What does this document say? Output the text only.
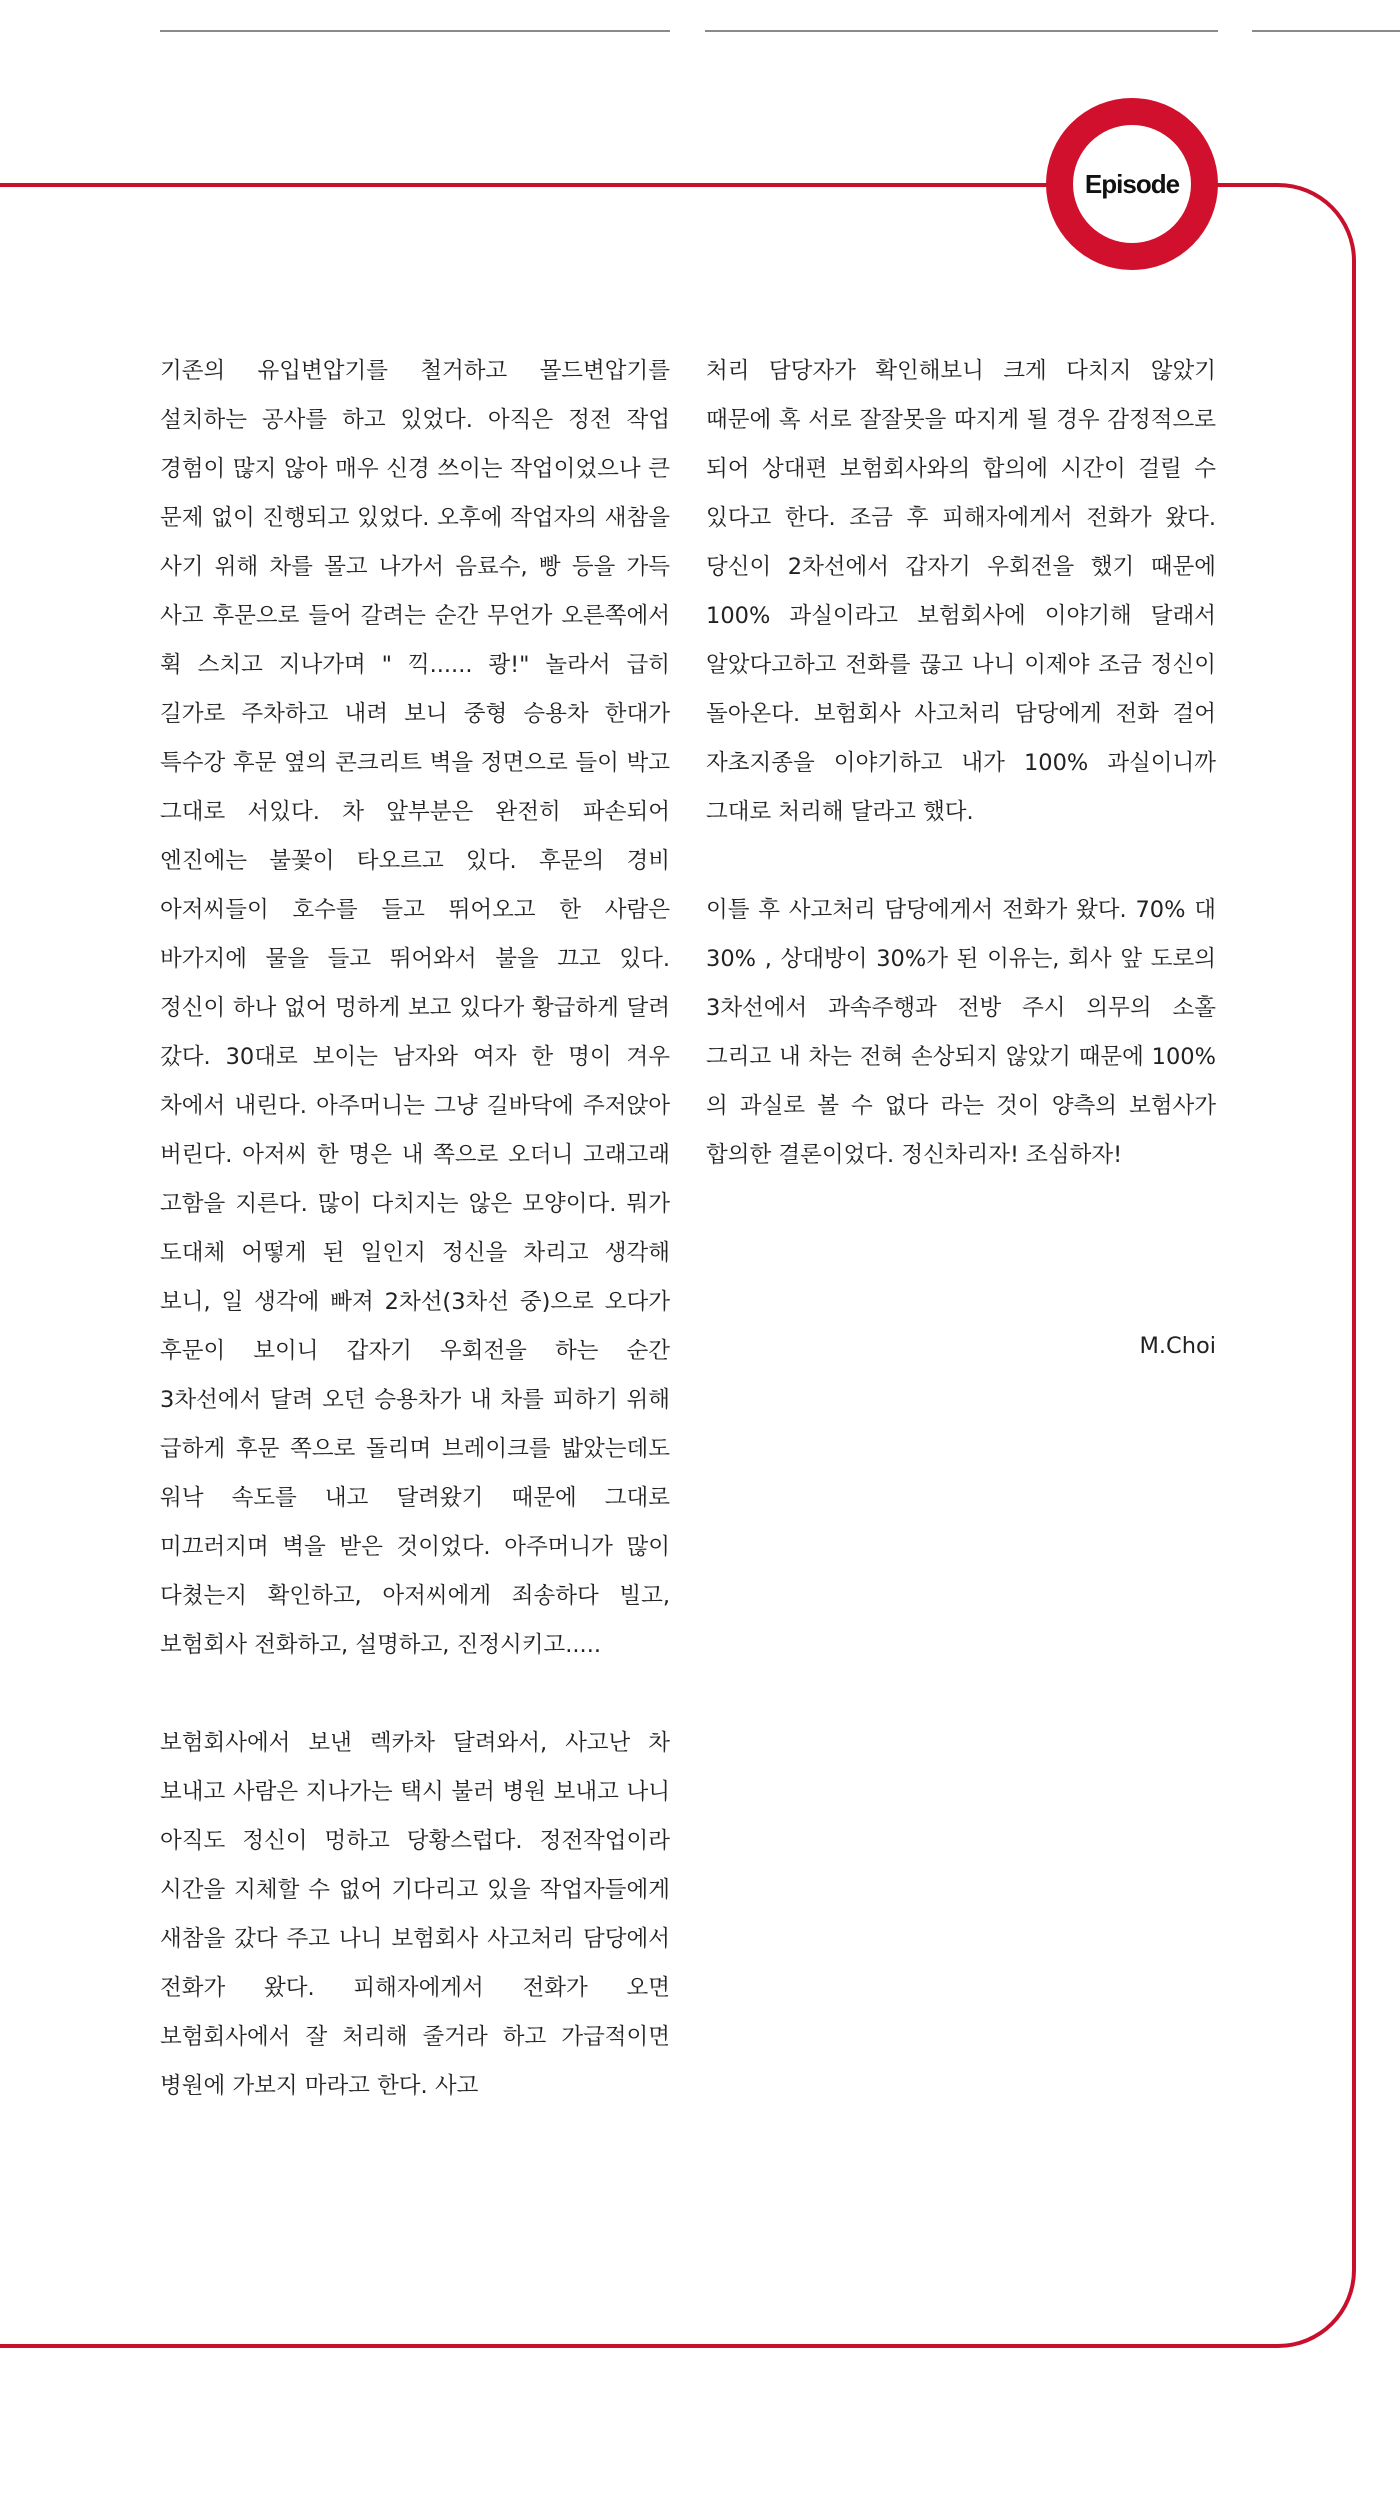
Episode

기존의 유입변압기를 철거하고 몰드변압기를 설치하는 공사를 하고 있었다. 아직은 정전 작업 경험이 많지 않아 매우 신경 쓰이는 작업이었으나 큰 문제 없이 진행되고 있었다. 오후에 작업자의 새참을 사기 위해 차를 몰고 나가서 음료수, 빵 등을 가득 사고 후문으로 들어 갈려는 순간 무언가 오른쪽에서 휙 스치고 지나가며 " 끽...... 쾅!" 놀라서 급히 길가로 주차하고 내려 보니 중형 승용차 한대가 특수강 후문 옆의 콘크리트 벽을 정면으로 들이 박고 그대로 서있다. 차 앞부분은 완전히 파손되어 엔진에는 불꽃이 타오르고 있다. 후문의 경비 아저씨들이 호수를 들고 뛰어오고 한 사람은 바가지에 물을 들고 뛰어와서 불을 끄고 있다. 정신이 하나 없어 멍하게 보고 있다가 황급하게 달려 갔다. 30대로 보이는 남자와 여자 한 명이 겨우 차에서 내린다. 아주머니는 그냥 길바닥에 주저앉아 버린다. 아저씨 한 명은 내 쪽으로 오더니 고래고래 고함을 지른다. 많이 다치지는 않은 모양이다. 뭐가 도대체 어떻게 된 일인지 정신을 차리고 생각해 보니, 일 생각에 빠져 2차선(3차선 중)으로 오다가 후문이 보이니 갑자기 우회전을 하는 순간 3차선에서 달려 오던 승용차가 내 차를 피하기 위해 급하게 후문 쪽으로 돌리며 브레이크를 밟았는데도 워낙 속도를 내고 달려왔기 때문에 그대로 미끄러지며 벽을 받은 것이었다. 아주머니가 많이 다쳤는지 확인하고, 아저씨에게 죄송하다 빌고, 보험회사 전화하고, 설명하고, 진정시키고.....

보험회사에서 보낸 렉카차 달려와서, 사고난 차 보내고 사람은 지나가는 택시 불러 병원 보내고 나니 아직도 정신이 멍하고 당황스럽다. 정전작업이라 시간을 지체할 수 없어 기다리고 있을 작업자들에게 새참을 갔다 주고 나니 보험회사 사고처리 담당에서 전화가 왔다. 피해자에게서 전화가 오면 보험회사에서 잘 처리해 줄거라 하고 가급적이면 병원에 가보지 마라고 한다. 사고

처리 담당자가 확인해보니 크게 다치지 않았기 때문에 혹 서로 잘잘못을 따지게 될 경우 감정적으로 되어 상대편 보험회사와의 합의에 시간이 걸릴 수 있다고 한다. 조금 후 피해자에게서 전화가 왔다. 당신이 2차선에서 갑자기 우회전을 했기 때문에 100% 과실이라고 보험회사에 이야기해 달래서 알았다고하고 전화를 끊고 나니 이제야 조금 정신이 돌아온다. 보험회사 사고처리 담당에게 전화 걸어 자초지종을 이야기하고 내가 100% 과실이니까 그대로 처리해 달라고 했다.

이틀 후 사고처리 담당에게서 전화가 왔다. 70% 대 30% , 상대방이 30%가 된 이유는, 회사 앞 도로의 3차선에서 과속주행과 전방 주시 의무의 소홀 그리고 내 차는 전혀 손상되지 않았기 때문에 100%의 과실로 볼 수 없다 라는 것이 양측의 보험사가 합의한 결론이었다. 정신차리자! 조심하자!

M.Choi
